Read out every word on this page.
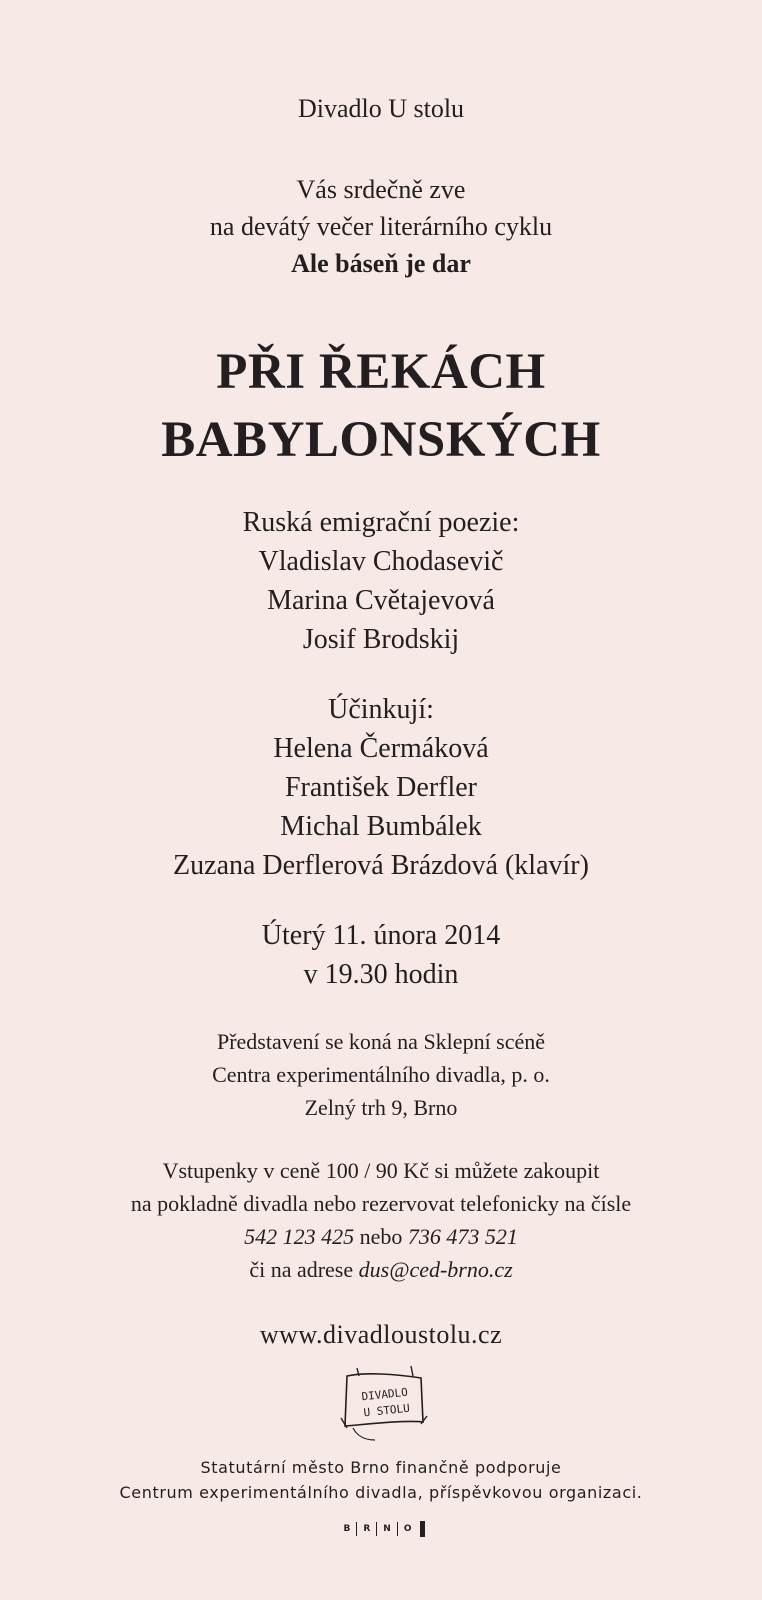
Divadlo U stolu
Vás srdečně zve
na devátý večer literárního cyklu
Ale báseň je dar
PŘI ŘEKÁCH
BABYLONSKÝCH
Ruská emigrační poezie:
Vladislav Chodasevič
Marina Cvětajevová
Josif Brodskij
Účinkují:
Helena Čermáková
František Derfler
Michal Bumbálek
Zuzana Derflerová Brázdová (klavír)
Úterý 11. února 2014
v 19.30 hodin
Představení se koná na Sklepní scéně
Centra experimentálního divadla, p. o.
Zelný trh 9, Brno
Vstupenky v ceně 100 / 90 Kč si můžete zakoupit
na pokladně divadla nebo rezervovat telefonicky na čísle
542 123 425 nebo 736 473 521
či na adrese dus@ced-brno.cz
www.divadloustolu.cz
DIVADLO
U STOLU
Statutární město Brno finančně podporuje
Centrum experimentálního divadla, příspěvkovou organizaci.
B	R	N	O
